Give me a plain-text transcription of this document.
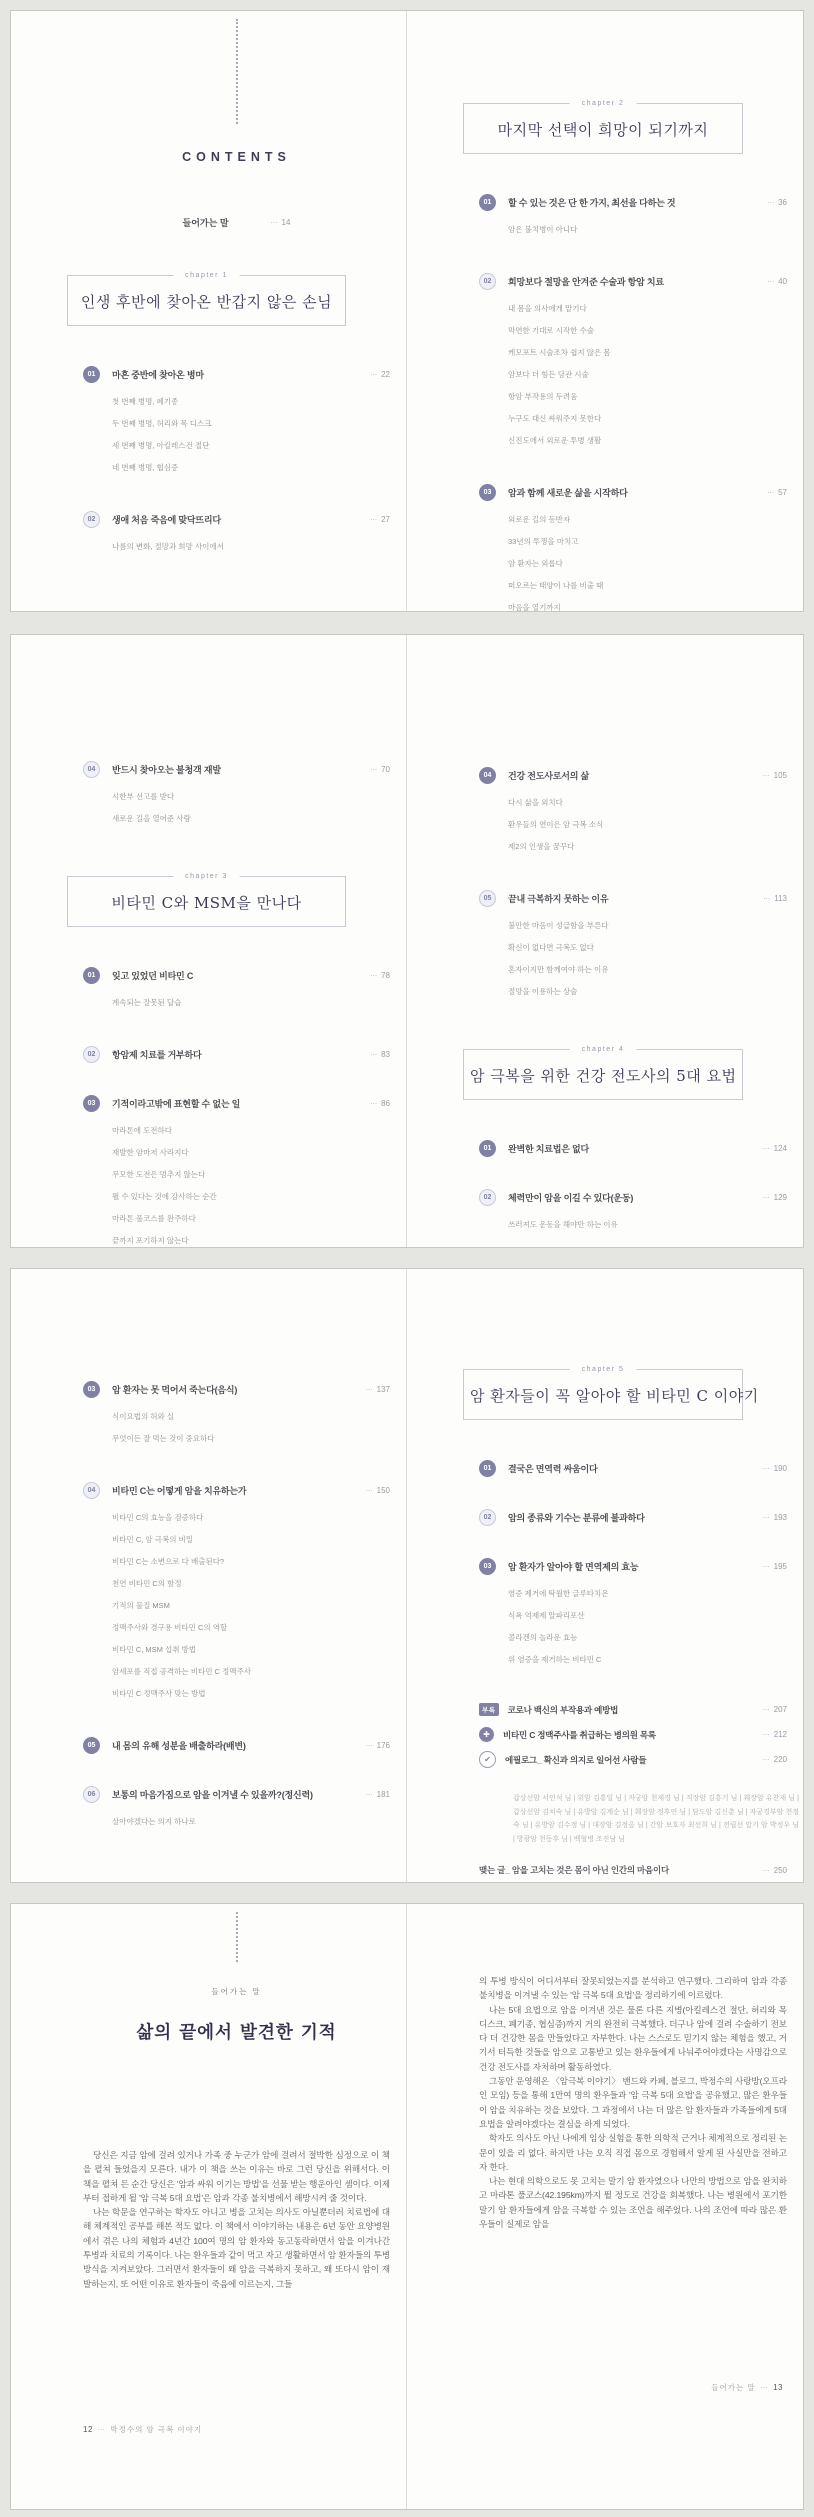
CONTENTS
들어가는 말	⋯ 14
chapter 1
인생 후반에 찾아온 반갑지 않은 손님
01	마흔 중반에 찾아온 병마	⋯ 22
첫 번째 병명, 폐기종
두 번째 병명, 허리와 목 디스크
세 번째 병명, 아킬레스건 절단
네 번째 병명, 협심증
02	생애 처음 죽음에 맞닥뜨리다	⋯ 27
나름의 변화, 절망과 희망 사이에서
chapter 2
마지막 선택이 희망이 되기까지
01	할 수 있는 것은 단 한 가지, 최선을 다하는 것	⋯ 36
암은 불치병이 아니다
02	희망보다 절망을 안겨준 수술과 항암 치료	⋯ 40
내 몸을 의사에게 맡기다
막연한 기대로 시작한 수술
케모포트 시술조차 쉽지 않은 몸
암보다 더 힘든 담관 시술
항암 부작용의 두려움
누구도 대신 싸워주지 못한다
신진도에서 외로운 투병 생활
03	암과 함께 새로운 삶을 시작하다	⋯ 57
외로운 길의 동반자
33년의 투쟁을 마치고
암 환자는 외롭다
떠오르는 태양이 나를 비출 때
마음을 열기까지
04	반드시 찾아오는 불청객 재발	⋯ 70
시한부 선고를 받다
새로운 길을 열어준 사람
chapter 3
비타민 C와 MSM을 만나다
01	잊고 있었던 비타민 C	⋯ 78
계속되는 잘못된 답습
02	항암제 치료를 거부하다	⋯ 83
03	기적이라고밖에 표현할 수 없는 일	⋯ 86
마라톤에 도전하다
재발한 암마저 사라지다
무모한 도전은 멈추지 않는다
뛸 수 있다는 것에 감사하는 순간
마라톤 풀코스를 완주하다
끝까지 포기하지 않는다
04	건강 전도사로서의 삶	⋯ 105
다시 삶을 외치다
환우들의 연이은 암 극복 소식
제2의 인생을 꿈꾸다
05	끝내 극복하지 못하는 이유	⋯ 113
불안한 마음이 성급함을 부른다
확신이 없다면 극복도 없다
혼자이지만 함께여야 하는 이유
절망을 이용하는 상술
chapter 4
암 극복을 위한 건강 전도사의 5대 요법
01	완벽한 치료법은 없다	⋯ 124
02	체력만이 암을 이길 수 있다(운동)	⋯ 129
쓰러져도 운동을 해야만 하는 이유
03	암 환자는 못 먹어서 죽는다(음식)	⋯ 137
식이요법의 허와 실
무엇이든 잘 먹는 것이 중요하다
04	비타민 C는 어떻게 암을 치유하는가	⋯ 150
비타민 C의 효능을 검증하다
비타민 C, 암 극복의 비밀
비타민 C는 소변으로 다 배출된다?
천연 비타민 C의 함정
기적의 물질 MSM
정맥주사와 경구용 비타민 C의 역할
비타민 C, MSM 섭취 방법
암세포를 직접 공격하는 비타민 C 정맥주사
비타민 C 정맥주사 맞는 방법
05	내 몸의 유해 성분을 배출하라(배변)	⋯ 176
06	보통의 마음가짐으로 암을 이겨낼 수 있을까?(정신력)	⋯ 181
살아야겠다는 의지 하나로
chapter 5
암 환자들이 꼭 알아야 할 비타민 C 이야기
01	결국은 면역력 싸움이다	⋯ 190
02	암의 종류와 기수는 분류에 불과하다	⋯ 193
03	암 환자가 알아야 할 면역제의 효능	⋯ 195
염증 제거에 탁월한 글루타치온
식욕 억제제 알파리포산
콜라겐의 놀라운 효능
위 염증을 제거하는 비타민 C
부록	코로나 백신의 부작용과 예방법	⋯ 207
✚	비타민 C 정맥주사를 취급하는 병의원 목록	⋯ 212
✔	에필로그_ 확신과 의지로 일어선 사람들	⋯ 220
갑상선암 서인석 님 | 위암 김흥일 님 | 자궁암 천재경 님 | 직장암 김흥기 님 | 췌장암 유찬재 님 | 갑상선암 김치숙 님 | 유방암 김계순 님 | 췌장암 정후연 님 | 담도암 김신춘 님 | 자궁경부암 천정숙 님 | 유방암 김수정 님 | 대장암 김정올 님 | 간암 보호자 최선희 님 | 전립선 말기 암 박정우 님 | 방광암 천동후 님 | 백혈병 조진남 님
맺는 글_ 암을 고치는 것은 몸이 아닌 인간의 마음이다	⋯ 250
들어가는 말
삶의 끝에서 발견한 기적

당신은 지금 암에 걸려 있거나 가족 중 누군가 암에 걸려서 절박한 심정으로 이 책을 펼쳐 들었을지 모른다. 내가 이 책을 쓰는 이유는 바로 그런 당신을 위해서다. 이 책을 펼쳐 든 순간 당신은 '암과 싸워 이기는 방법'을 선물 받는 행운아인 셈이다. 이제부터 접하게 될 '암 극복 5대 요법'은 암과 각종 불치병에서 해방시켜 줄 것이다.

나는 학문을 연구하는 학자도 아니고 병을 고치는 의사도 아닐뿐더러 치료법에 대해 체계적인 공부를 해본 적도 없다. 이 책에서 이야기하는 내용은 6년 동안 요양병원에서 겪은 나의 체험과 4년간 100여 명의 암 환자와 동고동락하면서 암을 이겨나간 투병과 치료의 기록이다. 나는 환우들과 같이 먹고 자고 생활하면서 암 환자들의 투병 방식을 지켜보았다. 그러면서 환자들이 왜 암을 극복하지 못하고, 왜 또다시 암이 재발하는지, 또 어떤 이유로 환자들이 죽음에 이르는지, 그들

12 ⋯ 박정수의 암 극복 이야기

의 투병 방식이 어디서부터 잘못되었는지를 분석하고 연구했다. 그리하여 암과 각종 불치병을 이겨낼 수 있는 '암 극복 5대 요법'을 정리하기에 이르렀다.

나는 5대 요법으로 암을 이겨낸 것은 물론 다른 지병(아킬레스건 절단, 허리와 목 디스크, 폐기종, 협심증)까지 거의 완전히 극복했다. 더구나 암에 걸려 수술하기 전보다 더 건강한 몸을 만들었다고 자부한다. 나는 스스로도 믿기지 않는 체험을 했고, 거기서 터득한 것들을 암으로 고통받고 있는 환우들에게 나눠주어야겠다는 사명감으로 건강 전도사를 자처하며 활동하였다.

그동안 운영해온 〈암극복 이야기〉 밴드와 카페, 블로그, 박정수의 사랑방(오프라인 모임) 등을 통해 1만여 명의 환우들과 '암 극복 5대 요법'을 공유했고, 많은 환우들이 암을 치유하는 것을 보았다. 그 과정에서 나는 더 많은 암 환자들과 가족들에게 5대 요법을 알려야겠다는 결심을 하게 되었다.

학자도 의사도 아닌 나에게 임상 실험을 통한 의학적 근거나 체계적으로 정리된 논문이 있을 리 없다. 하지만 나는 오직 직접 몸으로 경험해서 알게 된 사실만을 전하고자 한다.

나는 현대 의학으로도 못 고치는 말기 암 환자였으나 나만의 방법으로 암을 완치하고 마라톤 풀코스(42.195km)까지 뛸 정도로 건강을 회복했다. 나는 병원에서 포기한 말기 암 환자들에게 암을 극복할 수 있는 조언을 해주었다. 나의 조언에 따라 많은 환우들이 실제로 암을

들어가는 말 ⋯ 13
